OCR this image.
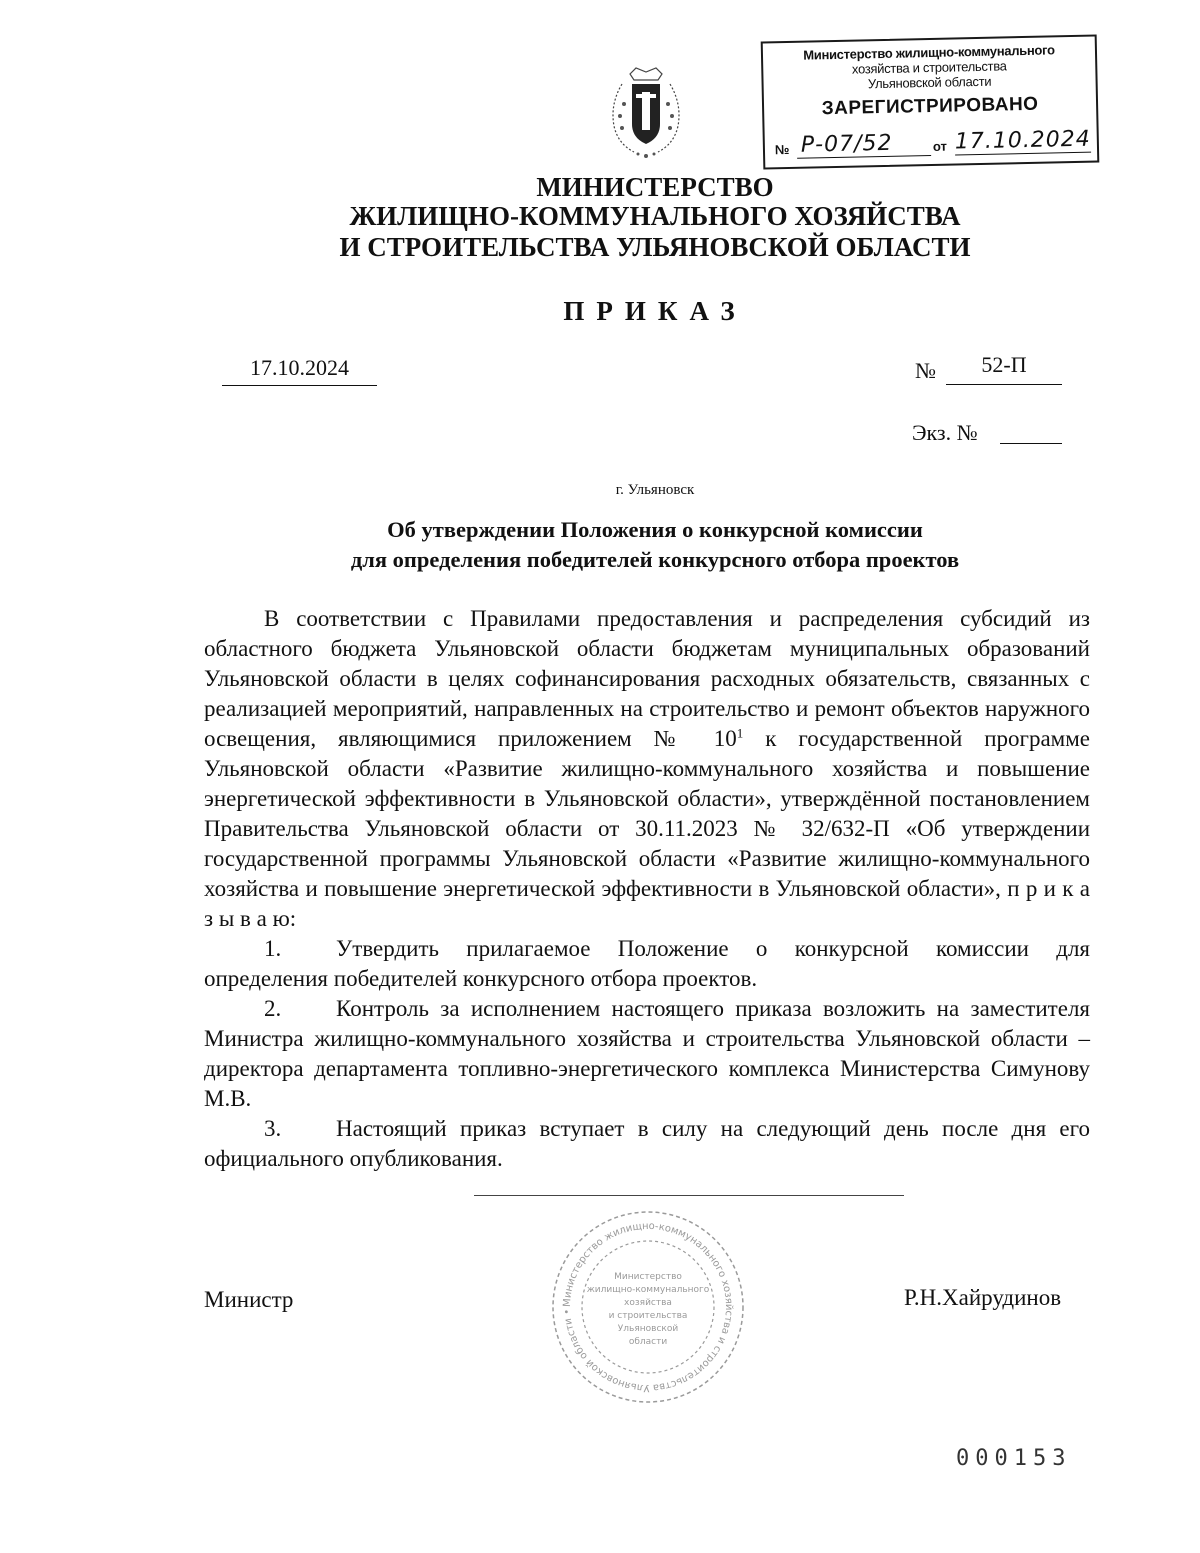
Министерство жилищно-коммунального
хозяйства и строительства
Ульяновской области
ЗАРЕГИСТРИРОВАНО
№ Р-07/52	от 17.10.2024
МИНИСТЕРСТВО
ЖИЛИЩНО-КОММУНАЛЬНОГО ХОЗЯЙСТВА
И СТРОИТЕЛЬСТВА УЛЬЯНОВСКОЙ ОБЛАСТИ
ПРИКАЗ
17.10.2024	№	52-П
Экз. №
г. Ульяновск
Об утверждении Положения о конкурсной комиссии
для определения победителей конкурсного отбора проектов

В соответствии с Правилами предоставления и распределения субсидий из областного бюджета Ульяновской области бюджетам муниципальных образований Ульяновской области в целях софинансирования расходных обязательств, связанных с реализацией мероприятий, направленных на строительство и ремонт объектов наружного освещения, являющимися приложением № $10^1$ к государственной программе Ульяновской области «Развитие жилищно-коммунального хозяйства и повышение энергетической эффективности в Ульяновской области», утверждённой постановлением Правительства Ульяновской области от 30.11.2023 № 32/632-П «Об утверждении государственной программы Ульяновской области «Развитие жилищно-коммунального хозяйства и повышение энергетической эффективности в Ульяновской области», п р и к а з ы в а ю:

1. Утвердить прилагаемое Положение о конкурсной комиссии для определения победителей конкурсного отбора проектов.

2. Контроль за исполнением настоящего приказа возложить на заместителя Министра жилищно-коммунального хозяйства и строительства Ульяновской области – директора департамента топливно-энергетического комплекса Министерства Симунову М.В.

3. Настоящий приказ вступает в силу на следующий день после дня его официального опубликования.

Министерство жилищно-коммунального хозяйства и строительства Ульяновской области •
Министерство
жилищно-коммунального
хозяйства
и строительства
Ульяновской
области
Министр	Р.Н.Хайрудинов
000153
